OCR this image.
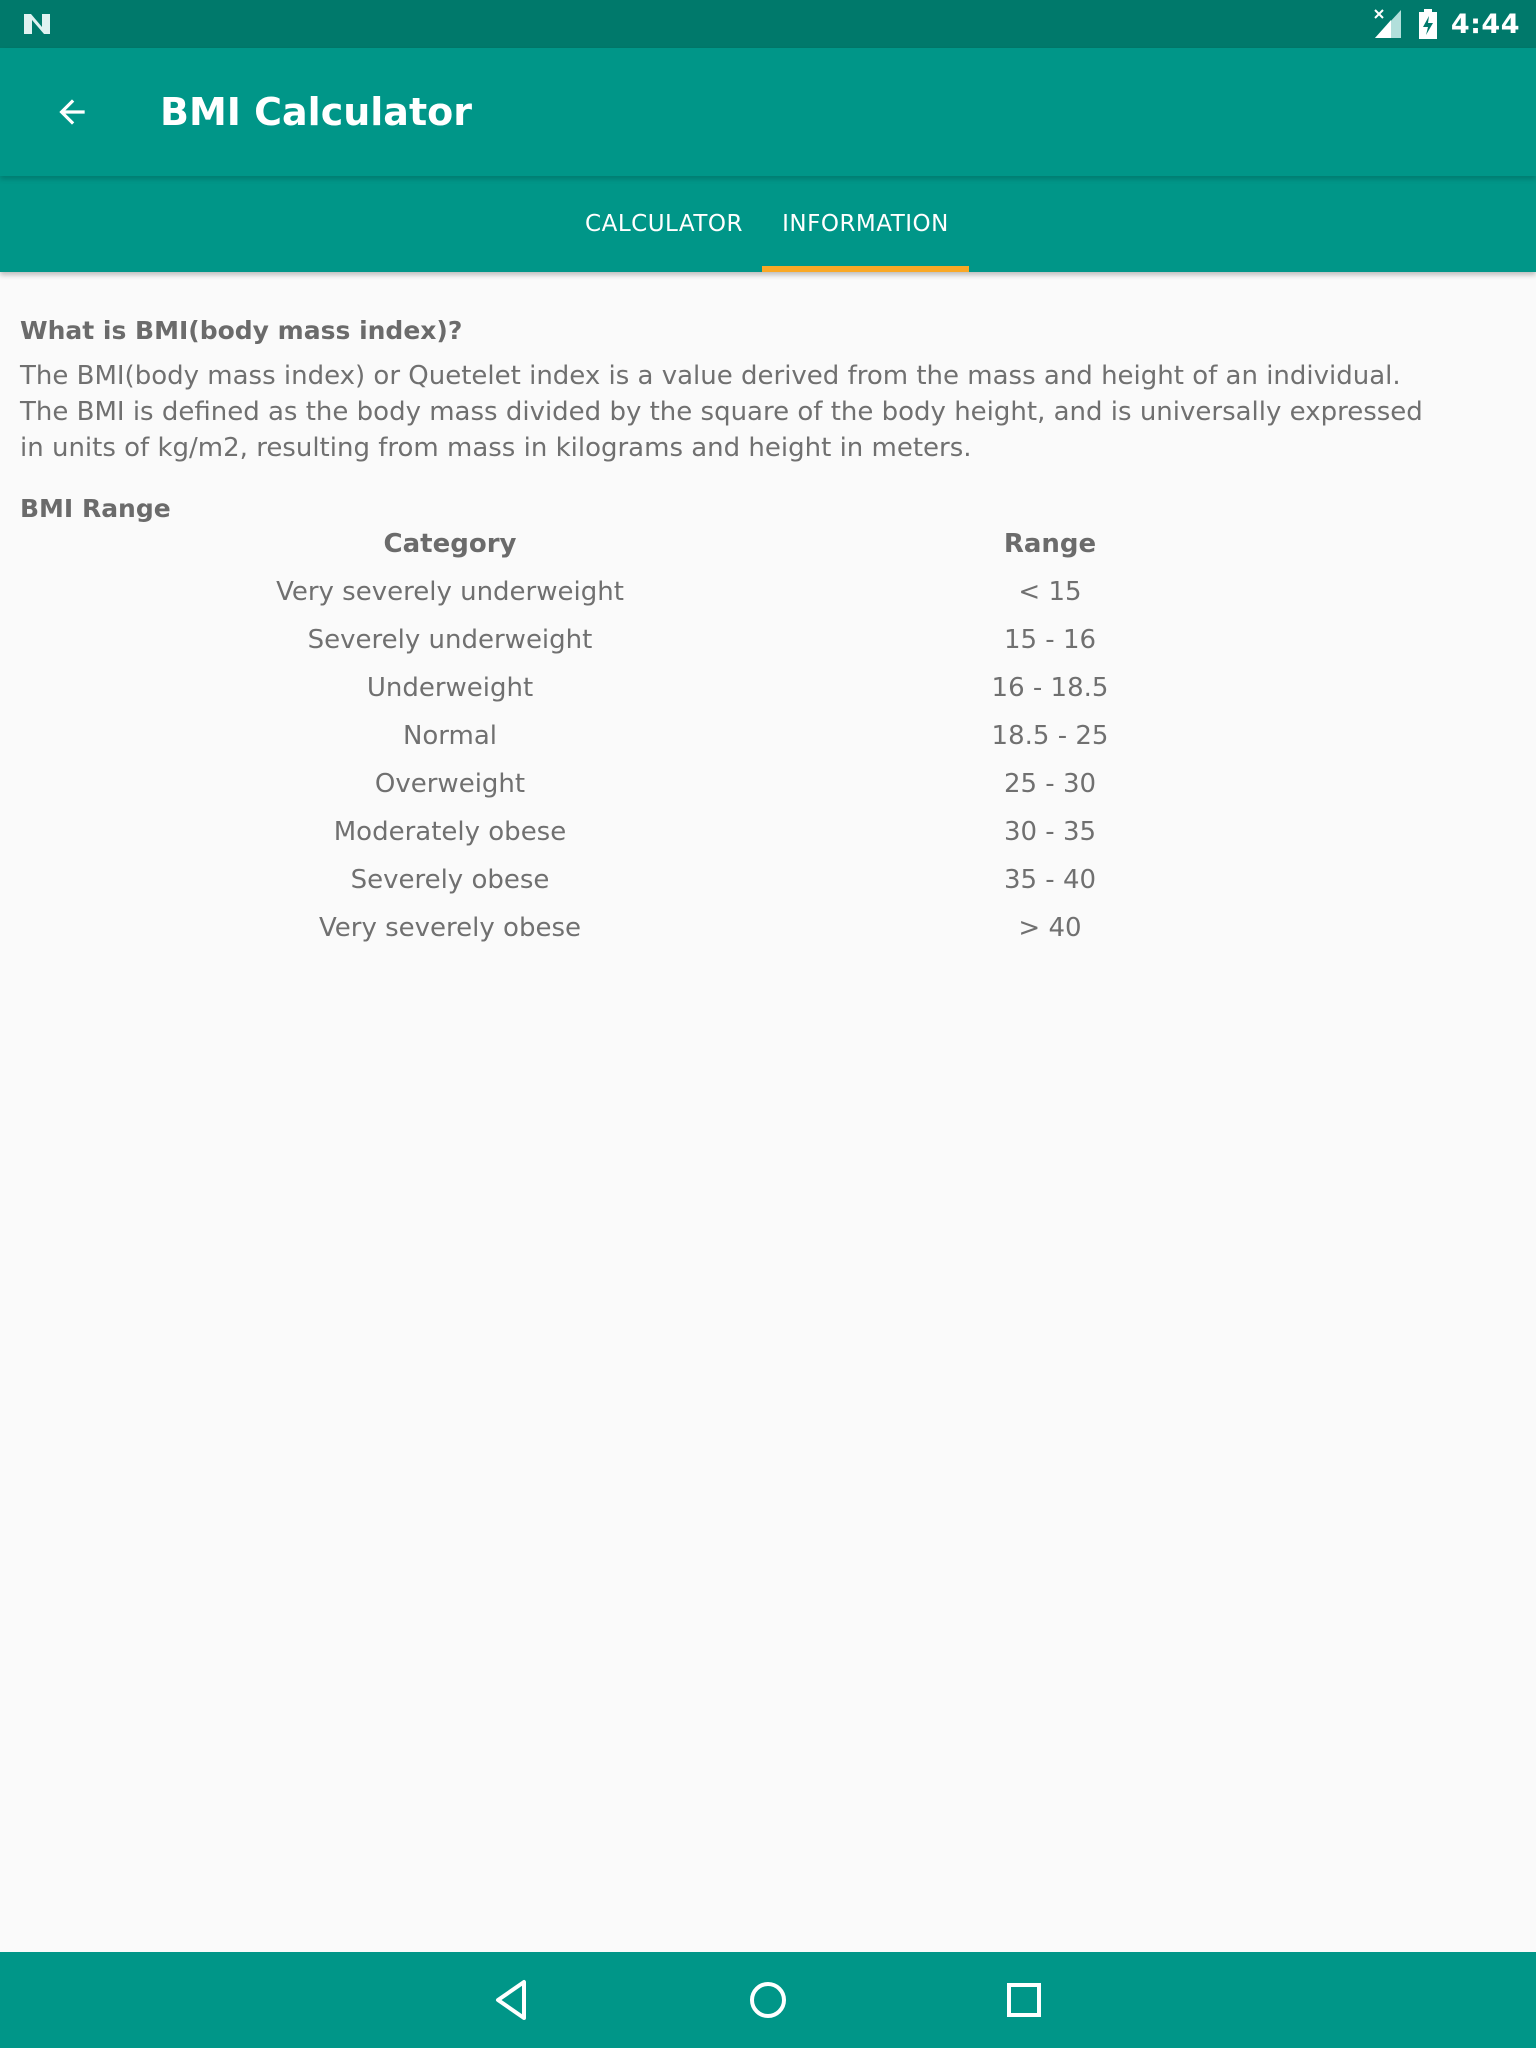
4:44
BMI Calculator
CALCULATOR	INFORMATION
What is BMI(body mass index)?
The BMI(body mass index) or Quetelet index is a value derived from the mass and height of an individual. The BMI is defined as the body mass divided by the square of the body height, and is universally expressed in units of kg/m2, resulting from mass in kilograms and height in meters.
BMI Range
Category	Range
Very severely underweight	< 15
Severely underweight	15 - 16
Underweight	16 - 18.5
Normal	18.5 - 25
Overweight	25 - 30
Moderately obese	30 - 35
Severely obese	35 - 40
Very severely obese	> 40
